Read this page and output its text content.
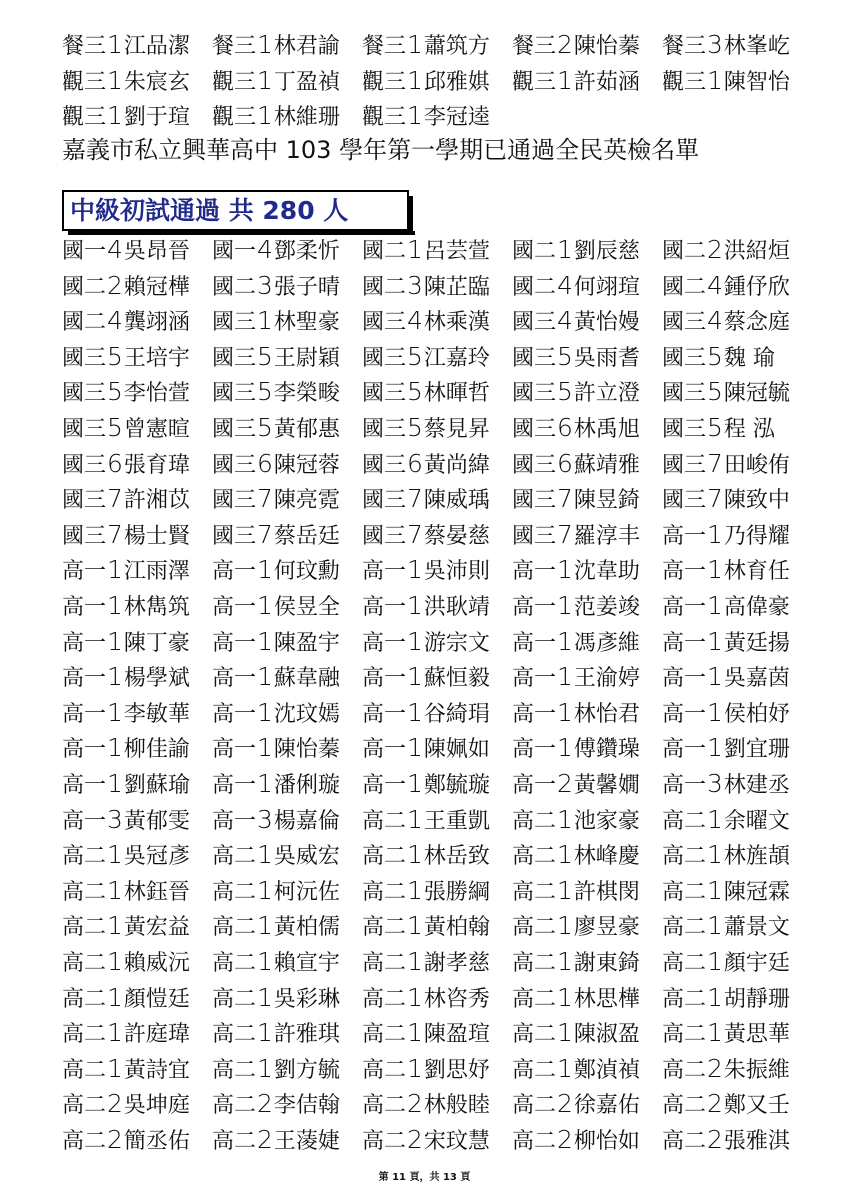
餐三 1 江品潔 餐三 1 林君諭 餐三 1 蕭筑方 餐三 2 陳怡蓁 餐三 3 林峯屹
觀三 1 朱宸玄 觀三 1 丁盈禎 觀三 1 邱雅娸 觀三 1 許茹涵 觀三 1 陳智怡
觀三 1 劉于瑄 觀三 1 林維珊 觀三 1 李冠逵
嘉義市私立興華高中 103 學年第一學期已通過全民英檢名單
中級初試通過 共 280 人
國一 4 吳昂晉 國一 4 鄧柔忻 國二 1 呂芸萱 國二 1 劉辰慈 國二 2 洪紹烜
國二 2 賴冠樺 國二 3 張子晴 國二 3 陳芷臨 國二 4 何翊瑄 國二 4 鍾伃欣
國二 4 龔翊涵 國三 1 林聖豪 國三 4 林乘漢 國三 4 黃怡嫚 國三 4 蔡念庭
國三 5 王培宇 國三 5 王尉穎 國三 5 江嘉玲 國三 5 吳雨耆 國三 5 魏 瑜
國三 5 李怡萱 國三 5 李榮畯 國三 5 林暉哲 國三 5 許立澄 國三 5 陳冠毓
國三 5 曾憲暄 國三 5 黃郁惠 國三 5 蔡見昇 國三 6 林禹旭 國三 5 程 泓
國三 6 張育瑋 國三 6 陳冠蓉 國三 6 黃尚緯 國三 6 蘇靖雅 國三 7 田峻侑
國三 7 許湘苡 國三 7 陳亮霓 國三 7 陳威瑀 國三 7 陳昱錡 國三 7 陳致中
國三 7 楊士賢 國三 7 蔡岳廷 國三 7 蔡晏慈 國三 7 羅淳丰 高一 1 乃得耀
高一 1 江雨澤 高一 1 何玟勳 高一 1 吳沛則 高一 1 沈韋助 高一 1 林育任
高一 1 林雋筑 高一 1 侯昱全 高一 1 洪耿靖 高一 1 范姜竣 高一 1 高偉豪
高一 1 陳丁豪 高一 1 陳盈宇 高一 1 游宗文 高一 1 馮彥維 高一 1 黃廷揚
高一 1 楊學斌 高一 1 蘇韋融 高一 1 蘇恒毅 高一 1 王渝婷 高一 1 吳嘉茵
高一 1 李敏華 高一 1 沈玟嫣 高一 1 谷綺琄 高一 1 林怡君 高一 1 侯柏妤
高一 1 柳佳諭 高一 1 陳怡蓁 高一 1 陳姵如 高一 1 傅鑽璪 高一 1 劉宜珊
高一 1 劉蘇瑜 高一 1 潘俐璇 高一 1 鄭毓璇 高一 2 黃馨嫺 高一 3 林建丞
高一 3 黃郁雯 高一 3 楊嘉倫 高二 1 王重凱 高二 1 池家豪 高二 1 余曜文
高二 1 吳冠彥 高二 1 吳威宏 高二 1 林岳致 高二 1 林峰慶 高二 1 林旌頡
高二 1 林鈺晉 高二 1 柯沅佐 高二 1 張勝綱 高二 1 許棋閔 高二 1 陳冠霖
高二 1 黃宏益 高二 1 黃柏儒 高二 1 黃柏翰 高二 1 廖昱豪 高二 1 蕭景文
高二 1 賴威沅 高二 1 賴宣宇 高二 1 謝孝慈 高二 1 謝東錡 高二 1 顏宇廷
高二 1 顏愷廷 高二 1 吳彩琳 高二 1 林咨秀 高二 1 林思樺 高二 1 胡靜珊
高二 1 許庭瑋 高二 1 許雅琪 高二 1 陳盈瑄 高二 1 陳淑盈 高二 1 黃思華
高二 1 黃詩宜 高二 1 劉方毓 高二 1 劉思妤 高二 1 鄭湞禎 高二 2 朱振維
高二 2 吳坤庭 高二 2 李佶翰 高二 2 林般睦 高二 2 徐嘉佑 高二 2 鄭又壬
高二 2 簡丞佑 高二 2 王蓤婕 高二 2 宋玟慧 高二 2 柳怡如 高二 2 張雅淇
第 11 頁，共 13 頁
